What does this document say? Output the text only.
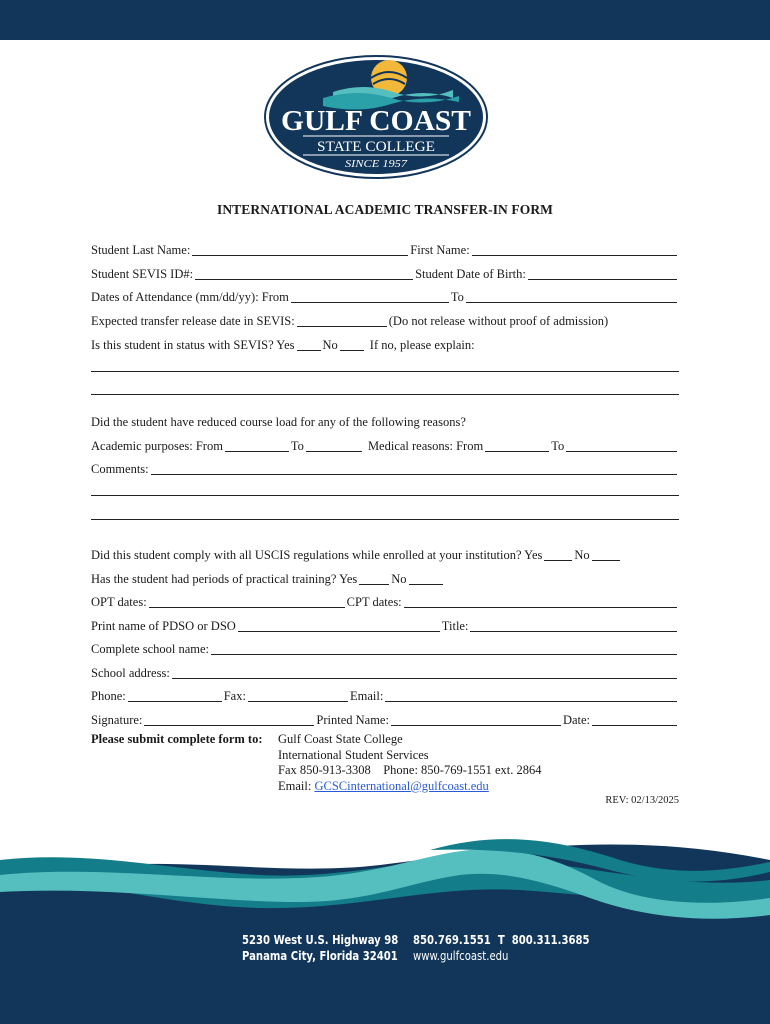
GULF COAST
STATE COLLEGE
SINCE 1957
INTERNATIONAL ACADEMIC TRANSFER-IN FORM
Student Last Name:	First Name:
Student SEVIS ID#:	Student Date of Birth:
Dates of Attendance (mm/dd/yy): From	To
Expected transfer release date in SEVIS:	(Do not release without proof of admission)
Is this student in status with SEVIS? Yes No	If no, please explain:
Did the student have reduced course load for any of the following reasons?
Academic purposes: From	To	Medical reasons: From	To
Comments:
Did this student comply with all USCIS regulations while enrolled at your institution? Yes	No
Has the student had periods of practical training? Yes	No
OPT dates:	CPT dates:
Print name of PDSO or DSO	Title:
Complete school name:
School address:
Phone:	Fax:	Email:
Signature:	Printed Name:	Date:
Please submit complete form to: Gulf Coast State College
International Student Services
Fax 850-913-3308    Phone: 850-769-1551 ext. 2864
Email: GCSCinternational@gulfcoast.edu
REV: 02/13/2025
5230 West U.S. Highway 98
Panama City, Florida 32401
850.769.1551  T  800.311.3685
www.gulfcoast.edu
